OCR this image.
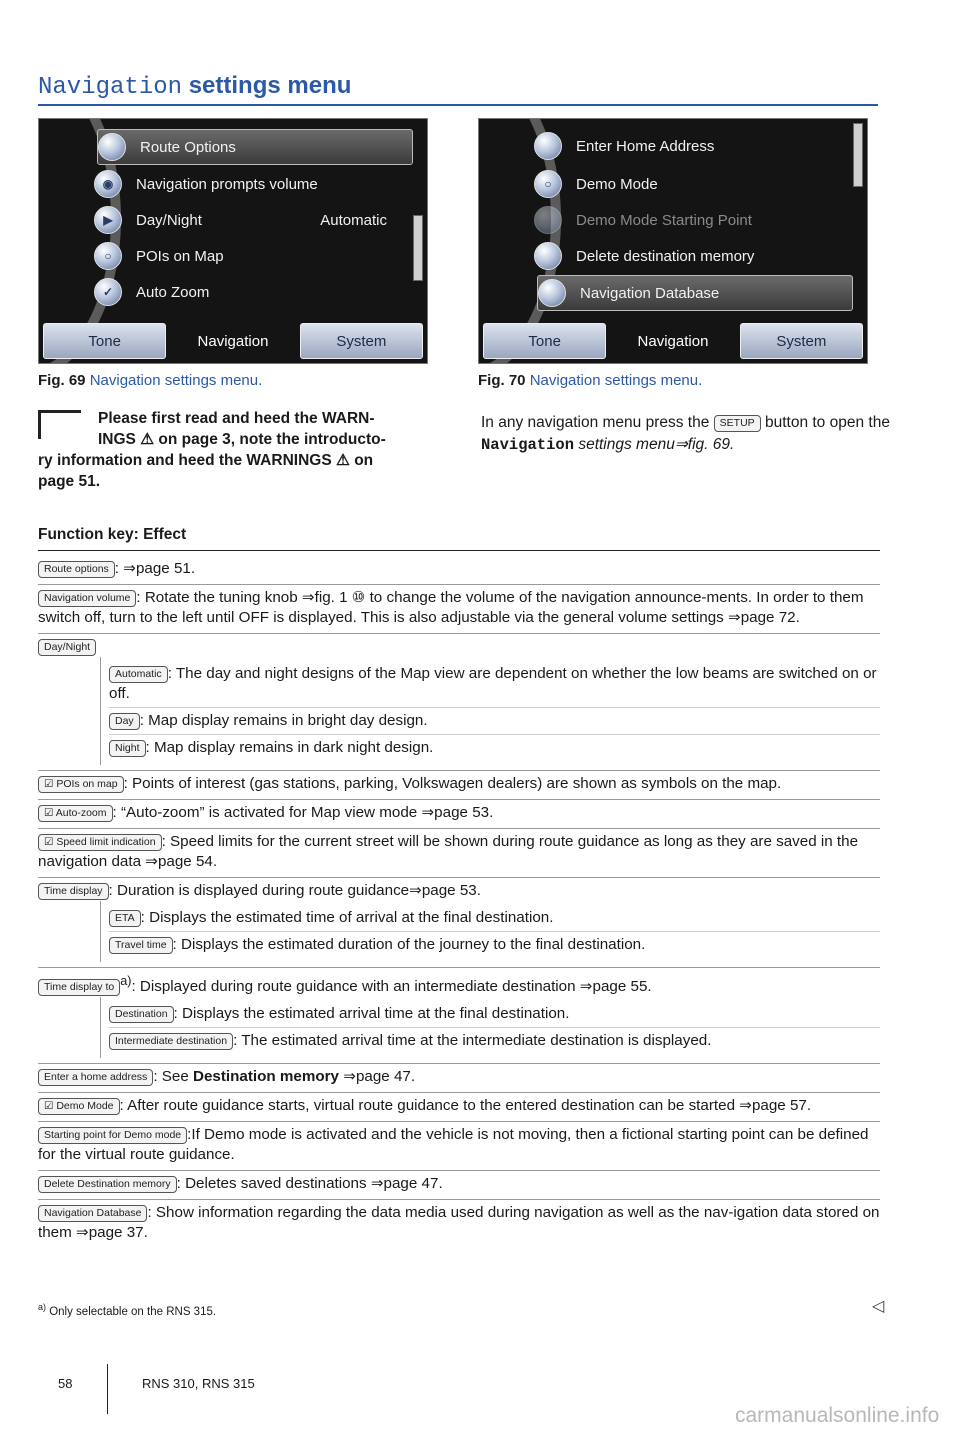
Navigation settings menu
Route Options
◉	Navigation prompts volume
▶	Day/Night	Automatic
○	POIs on Map
✓	Auto Zoom
Tone	Navigation	System
Enter Home Address
○	Demo Mode
Demo Mode Starting Point
Delete destination memory
Navigation Database
Tone	Navigation	System
Fig. 69 Navigation settings menu.	Fig. 70 Navigation settings menu.
Please first read and heed the WARN-
INGS ⚠ on page 3, note the introducto-
ry information and heed the WARNINGS ⚠ on
page 51.
In any navigation menu press the SETUP button to open the Navigation settings menu⇒fig. 69.
Function key: Effect
Route options : ⇒page 51.
Navigation volume : Rotate the tuning knob ⇒fig. 1 ⑩ to change the volume of the navigation announce-ments. In order to them switch off, turn to the left until OFF is displayed. This is also adjustable via the general volume settings ⇒page 72.
Day/Night
Automatic : The day and night designs of the Map view are dependent on whether the low beams are switched on or off.
Day : Map display remains in bright day design.
Night : Map display remains in dark night design.
☑ POIs on map : Points of interest (gas stations, parking, Volkswagen dealers) are shown as symbols on the map.
☑ Auto-zoom : “Auto-zoom” is activated for Map view mode ⇒page 53.
☑ Speed limit indication : Speed limits for the current street will be shown during route guidance as long as they are saved in the navigation data ⇒page 54.
Time display : Duration is displayed during route guidance⇒page 53.
ETA : Displays the estimated time of arrival at the final destination.
Travel time : Displays the estimated duration of the journey to the final destination.
Time display to $^{a)}$: Displayed during route guidance with an intermediate destination ⇒page 55.
Destination : Displays the estimated arrival time at the final destination.
Intermediate destination : The estimated arrival time at the intermediate destination is displayed.
Enter a home address : See Destination memory ⇒page 47.
☑ Demo Mode : After route guidance starts, virtual route guidance to the entered destination can be started ⇒page 57.
Starting point for Demo mode :If Demo mode is activated and the vehicle is not moving, then a fictional starting point can be defined for the virtual route guidance.
Delete Destination memory : Deletes saved destinations ⇒page 47.
Navigation Database : Show information regarding the data media used during navigation as well as the nav-igation data stored on them ⇒page 37.
$^{a)}$ Only selectable on the RNS 315.	◁
58	RNS 310, RNS 315
carmanualsonline.info
